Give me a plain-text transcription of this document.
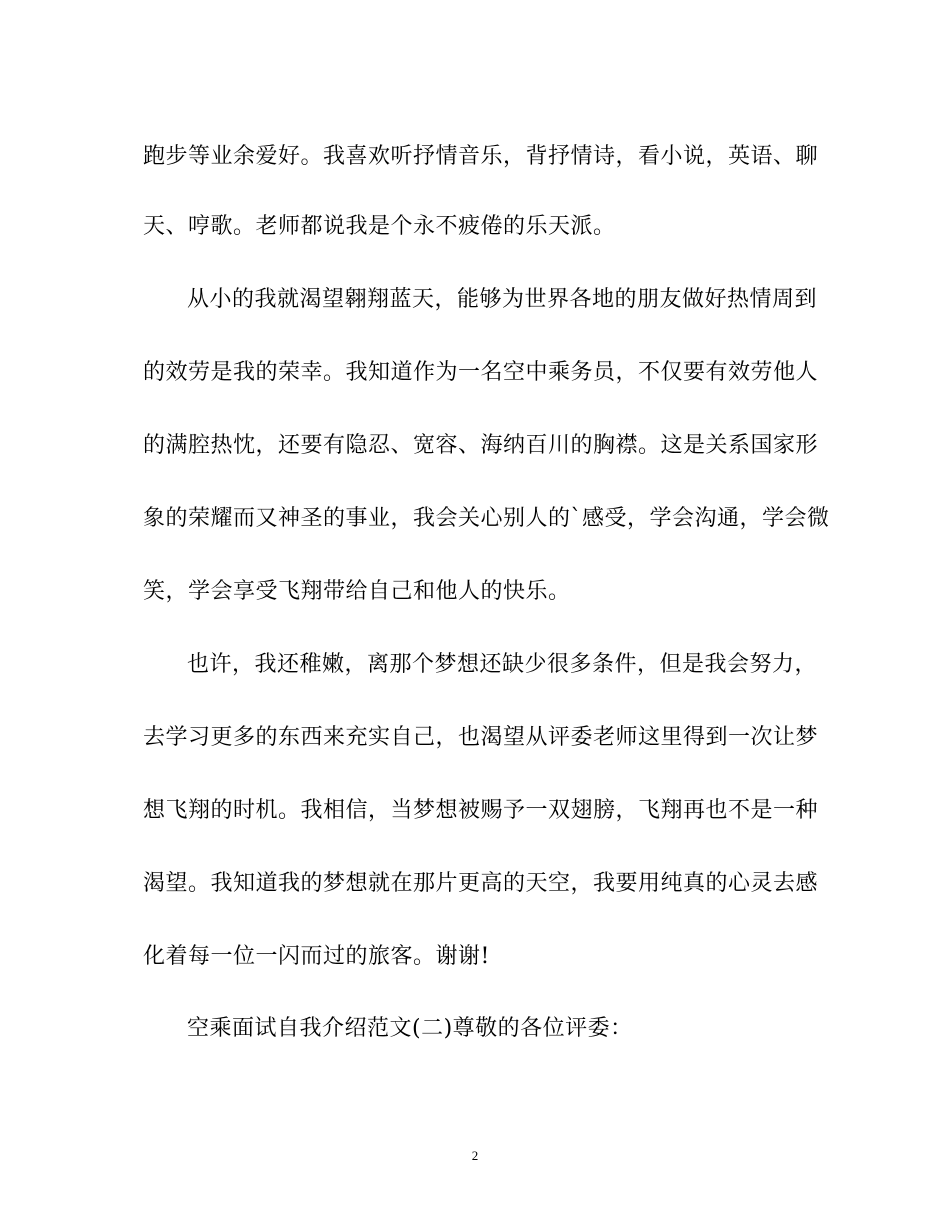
跑步等业余爱好。我喜欢听抒情音乐，背抒情诗，看小说，英语、聊
天、哼歌。老师都说我是个永不疲倦的乐天派。
从小的我就渴望翱翔蓝天，能够为世界各地的朋友做好热情周到
的效劳是我的荣幸。我知道作为一名空中乘务员，不仅要有效劳他人
的满腔热忱，还要有隐忍、宽容、海纳百川的胸襟。这是关系国家形
象的荣耀而又神圣的事业，我会关心别人的`感受，学会沟通，学会微
笑，学会享受飞翔带给自己和他人的快乐。
也许，我还稚嫩，离那个梦想还缺少很多条件，但是我会努力，
去学习更多的东西来充实自己，也渴望从评委老师这里得到一次让梦
想飞翔的时机。我相信，当梦想被赐予一双翅膀，飞翔再也不是一种
渴望。我知道我的梦想就在那片更高的天空，我要用纯真的心灵去感
化着每一位一闪而过的旅客。谢谢!
空乘面试自我介绍范文(二)尊敬的各位评委：
2
